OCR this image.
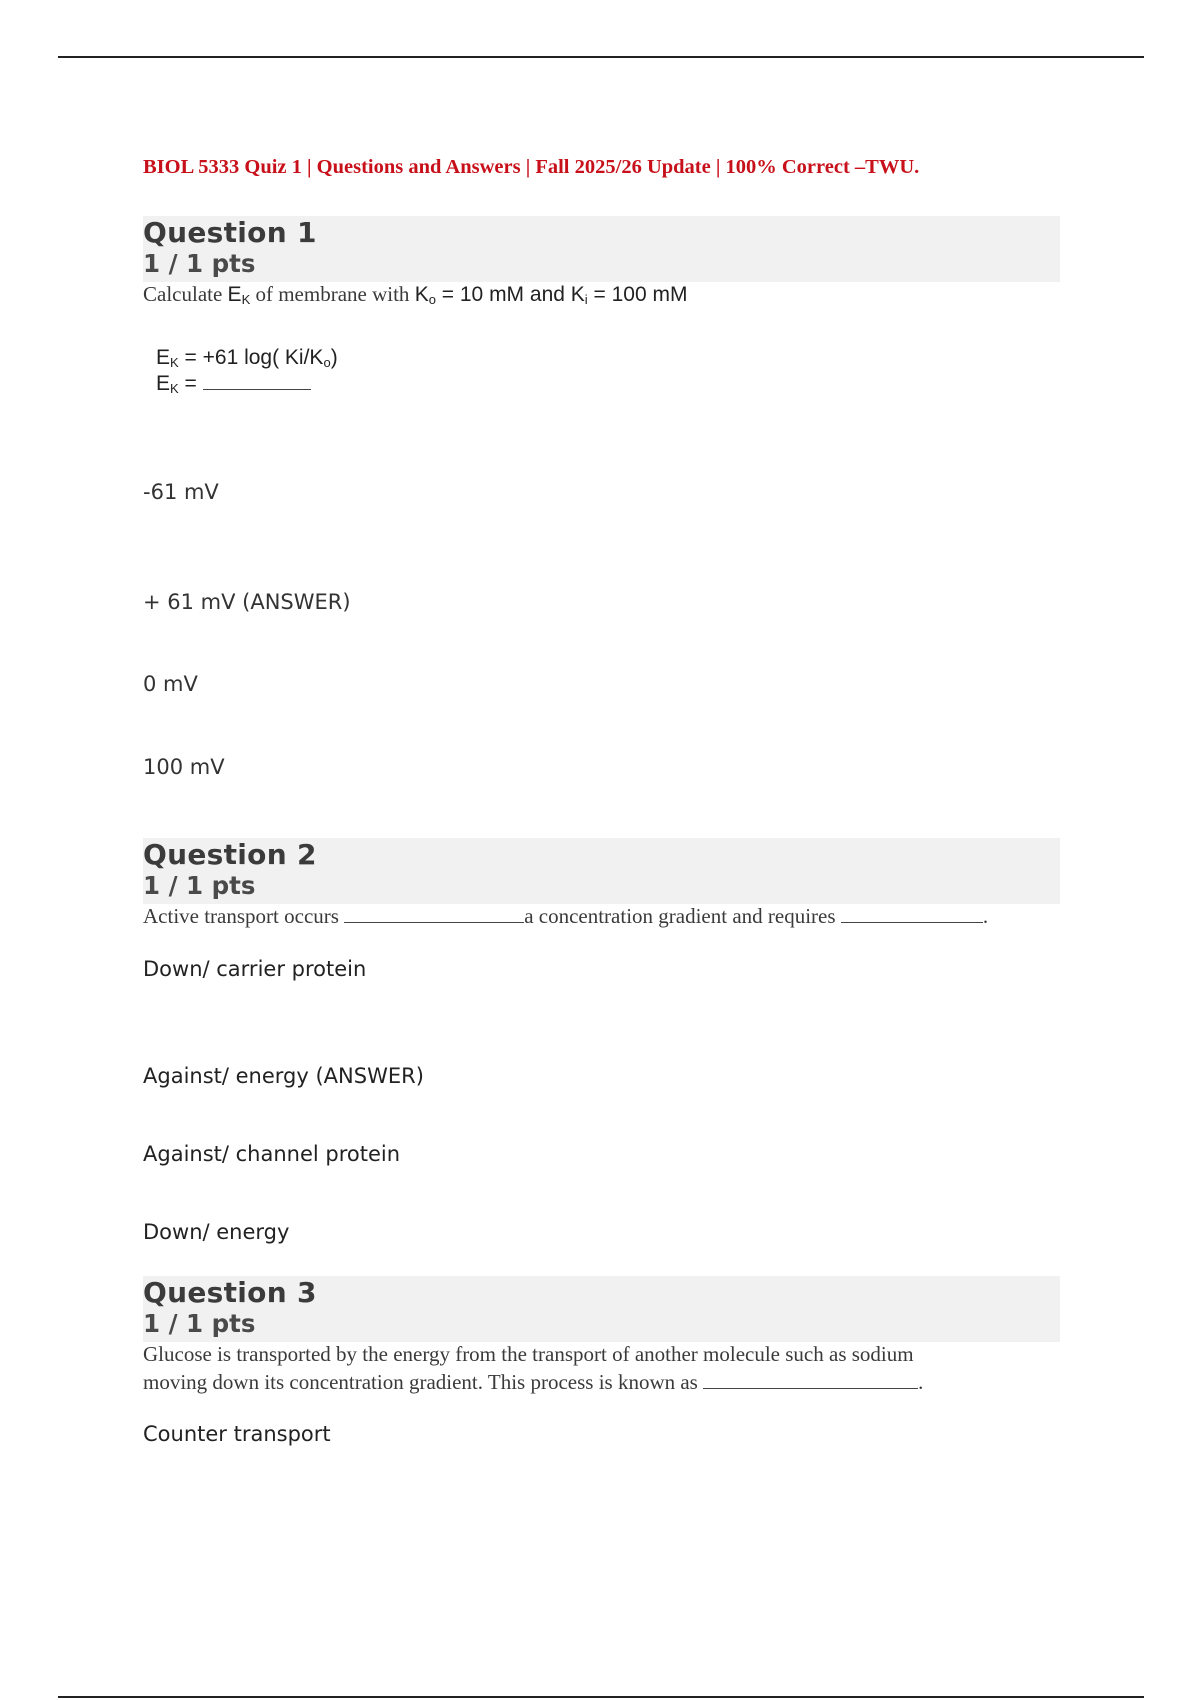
BIOL 5333 Quiz 1 | Questions and Answers | Fall 2025/26 Update | 100% Correct –TWU.
Question 1
1 / 1 pts
Calculate $E_K$ of membrane with $K_o = 10$ mM and $K_i = 100$ mM
$E_K = +61$ log( $Ki/K_o$)
$E_K$ =
-61 mV
+ 61 mV (ANSWER)
0 mV
100 mV
Question 2
1 / 1 pts
Active transport occurs	a concentration gradient and requires	.
Down/ carrier protein
Against/ energy (ANSWER)
Against/ channel protein
Down/ energy
Question 3
1 / 1 pts
Glucose is transported by the energy from the transport of another molecule such as sodium
moving down its concentration gradient. This process is known as	.
Counter transport
